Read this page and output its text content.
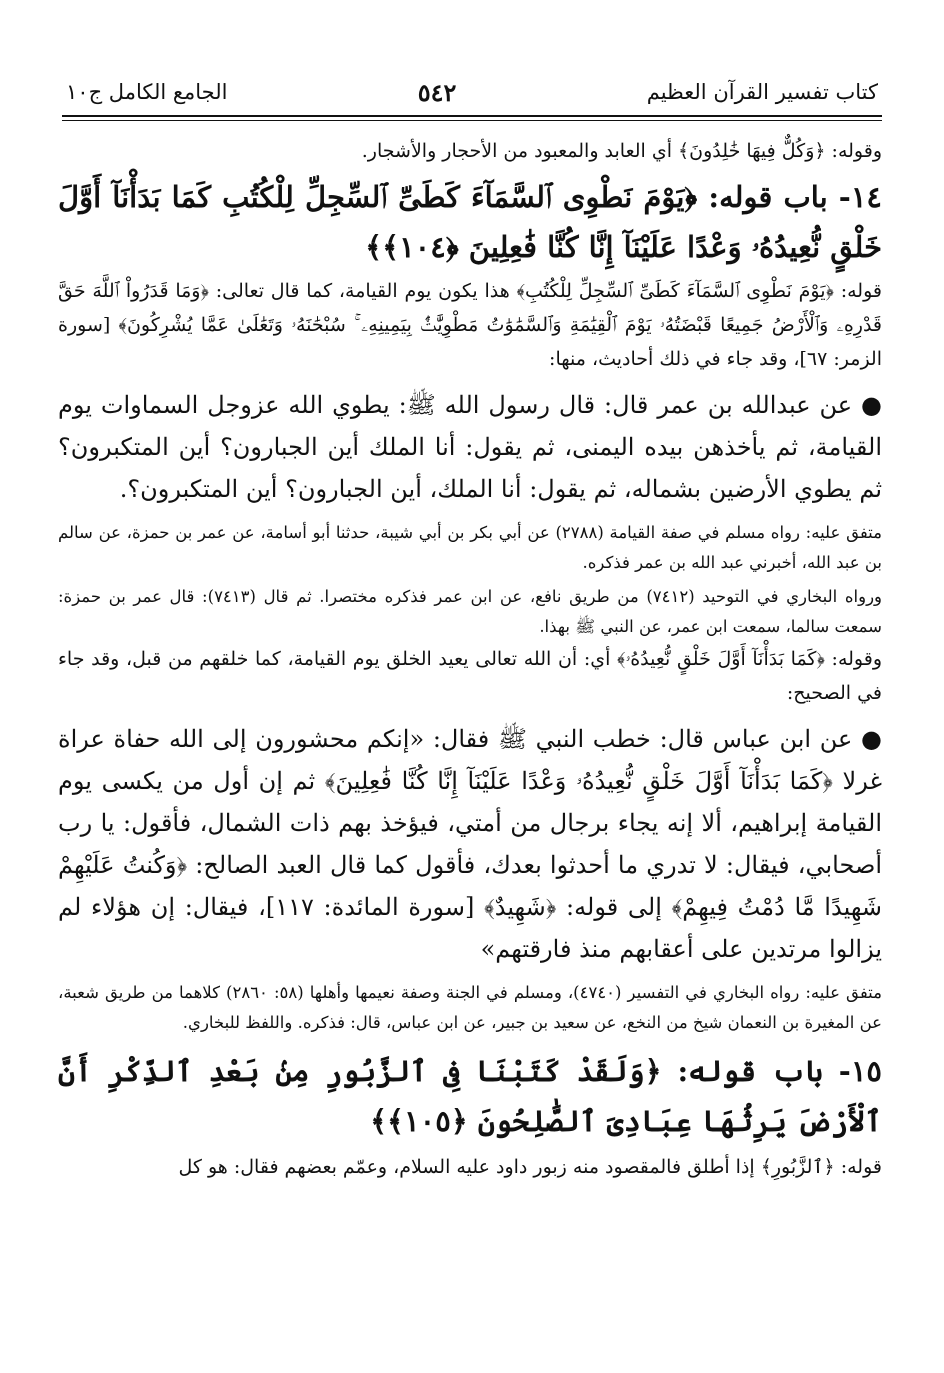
كتاب تفسير القرآن العظيم
٥٤٢
الجامع الكامل ج١٠

وقوله: ﴿وَكُلٌّ فِيهَا خَٰلِدُونَ﴾ أي العابد والمعبود من الأحجار والأشجار.

١٤- باب قوله: ﴿يَوْمَ نَطْوِى ٱلسَّمَآءَ كَطَىِّ ٱلسِّجِلِّ لِلْكُتُبِ كَمَا بَدَأْنَآ أَوَّلَ خَلْقٍ نُّعِيدُهُۥ وَعْدًا عَلَيْنَآ إِنَّا كُنَّا فَٰعِلِينَ ﴿١٠٤﴾﴾

قوله: ﴿يَوْمَ نَطْوِى ٱلسَّمَآءَ كَطَىِّ ٱلسِّجِلِّ لِلْكُتُبِ﴾ هذا يكون يوم القيامة، كما قال تعالى: ﴿وَمَا قَدَرُواْ ٱللَّهَ حَقَّ قَدْرِهِۦ وَٱلْأَرْضُ جَمِيعًا قَبْضَتُهُۥ يَوْمَ ٱلْقِيَٰمَةِ وَٱلسَّمَٰوَٰتُ مَطْوِيَّٰتٌۢ بِيَمِينِهِۦ ۚ سُبْحَٰنَهُۥ وَتَعَٰلَىٰ عَمَّا يُشْرِكُونَ﴾ [سورة الزمر: ٦٧]، وقد جاء في ذلك أحاديث، منها:

● عن عبدالله بن عمر قال: قال رسول الله ﷺ: يطوي الله عزوجل السماوات يوم القيامة، ثم يأخذهن بيده اليمنى، ثم يقول: أنا الملك أين الجبارون؟ أين المتكبرون؟ ثم يطوي الأرضين بشماله، ثم يقول: أنا الملك، أين الجبارون؟ أين المتكبرون؟.

متفق عليه: رواه مسلم في صفة القيامة (٢٧٨٨) عن أبي بكر بن أبي شيبة، حدثنا أبو أسامة، عن عمر بن حمزة، عن سالم بن عبد الله، أخبرني عبد الله بن عمر فذكره.

ورواه البخاري في التوحيد (٧٤١٢) من طريق نافع، عن ابن عمر فذكره مختصرا. ثم قال (٧٤١٣): قال عمر بن حمزة: سمعت سالما، سمعت ابن عمر، عن النبي ﷺ بهذا.

وقوله: ﴿كَمَا بَدَأْنَآ أَوَّلَ خَلْقٍ نُّعِيدُهُۥ﴾ أي: أن الله تعالى يعيد الخلق يوم القيامة، كما خلقهم من قبل، وقد جاء في الصحيح:

● عن ابن عباس قال: خطب النبي ﷺ فقال: «إنكم محشورون إلى الله حفاة عراة غرلا ﴿كَمَا بَدَأْنَآ أَوَّلَ خَلْقٍ نُّعِيدُهُۥ وَعْدًا عَلَيْنَآ إِنَّا كُنَّا فَٰعِلِينَ﴾ ثم إن أول من يكسى يوم القيامة إبراهيم، ألا إنه يجاء برجال من أمتي، فيؤخذ بهم ذات الشمال، فأقول: يا رب أصحابي، فيقال: لا تدري ما أحدثوا بعدك، فأقول كما قال العبد الصالح: ﴿وَكُنتُ عَلَيْهِمْ شَهِيدًا مَّا دُمْتُ فِيهِمْ﴾ إلى قوله: ﴿شَهِيدٌ﴾ [سورة المائدة: ١١٧]، فيقال: إن هؤلاء لم يزالوا مرتدين على أعقابهم منذ فارقتهم»

متفق عليه: رواه البخاري في التفسير (٤٧٤٠)، ومسلم في الجنة وصفة نعيمها وأهلها (٥٨: ٢٨٦٠) كلاهما من طريق شعبة، عن المغيرة بن النعمان شيخ من النخع، عن سعيد بن جبير، عن ابن عباس، قال: فذكره. واللفظ للبخاري.

١٥- باب قوله: ﴿وَلَقَدْ كَتَبْنَا فِى ٱلزَّبُورِ مِنۢ بَعْدِ ٱلذِّكْرِ أَنَّ ٱلْأَرْضَ يَرِثُهَا عِبَادِىَ ٱلصَّٰلِحُونَ ﴿١٠٥﴾﴾

قوله: ﴿ٱلزَّبُورِ﴾ إذا أطلق فالمقصود منه زبور داود عليه السلام، وعمّم بعضهم فقال: هو كل
